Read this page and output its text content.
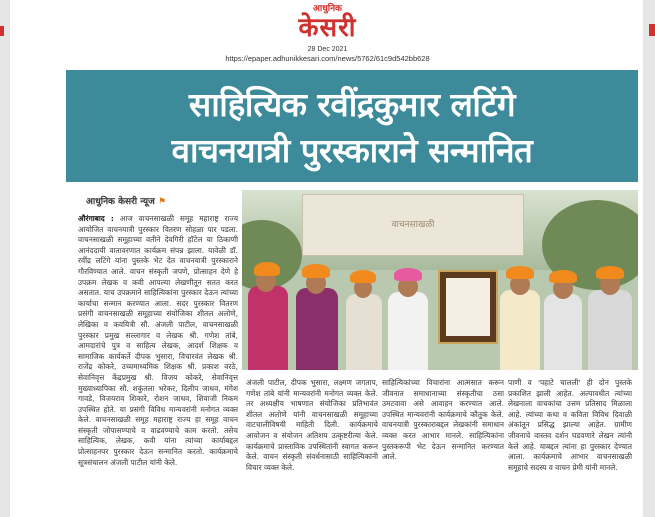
आधुनिक
केसरी
28 Dec 2021
https://epaper.adhunikkesari.com/news/5762/61c9d542bb628
साहित्यिक रवींद्रकुमार लटिंगे
वाचनयात्री पुरस्काराने सन्मानित
आधुनिक केसरी न्यूज ⚑
औरंगाबाद : आज वाचनसाखळी समूह महाराष्ट्र राज्य आयोजित वाचनयात्री पुरस्कार वितरण सोहळा पार पडला. वाचनसाखळी समूहाच्या वतीने देवगिरी हॉटेल या ठिकाणी आनंददायी वातावरणात कार्यक्रम संपन्न झाला. यावेळी डॉ. रवींद्र लटिंगे यांना पुस्तके भेट देत वाचनयात्री पुरस्काराने गौरविण्यात आले. वाचन संस्कृती जपणे, प्रोत्साहन देणे हे उपक्रम लेखक व कवी आपल्या लेखणीतून सतत करत असतात. याच उपक्रमाने साहित्यिकांना पुरस्कार देऊन त्यांच्या कार्याचा सन्मान करण्यात आला. सदर पुरस्कार वितरण प्रसंगी वाचनसाखळी समूहाच्या संयोजिका शीतल अलोणे, लेखिका व कवयित्री सौ. अंजली पाटील, वाचनसाखळी पुरस्कार प्रमुख सल्लागार व लेखक श्री. गणेश तांबे, आमदारांचे पुत्र व साहित्य लेखक, आदर्श शिक्षक व सामाजिक कार्यकर्ते दीपक भुसारा, विचारवंत लेखक श्री. राजेंद्र कोकरे, उच्चमाध्यमिक शिक्षक श्री. प्रकाश वरठे, सेवानिवृत्त केंद्रप्रमुख श्री. विजय कोकरे, सेवानिवृत्त मुख्याध्यापिका सौ. शकुंतला भरेकर, दिलीप जाधव, मंगेश गावडे, विजयराव शिकारे, रोशन जाधव, शिवाजी निकम उपस्थित होते. या प्रसंगी विविध मान्यवरांनी मनोगत व्यक्त केले. वाचनसाखळी समूह महाराष्ट्र राज्य हा समूह वाचन संस्कृती जोपासण्याचे व वाढवण्याचे काम करतो. तसेच साहित्यिक, लेखक, कवी यांना त्यांच्या कार्याबद्दल प्रोत्साहनपर पुरस्कार देऊन सन्मानित करतो. कार्यक्रमाचे सूत्रसंचालन अंजली पाटील यांनी केले.
वाचनसाखळी
अंजली पाटील, दीपक भुसारा, लक्ष्मण जगताप, गणेश तांबे यांनी मान्यवरांनी मनोगत व्यक्त केले. तर अध्यक्षीय भाषणात संयोजिका प्रतिभावंत शीतल अलोणे यांनी वाचनसाखळी समूहाच्या वाटचालीविषयी माहिती दिली. कार्यक्रमाचे आयोजन व संयोजन अतिशय उत्कृष्टरीत्या केले. कार्यक्रमाचे प्रास्ताविक उपस्थितांनी स्वागत करून केले. वाचन संस्कृती संवर्धनासाठी साहित्यिकांनी विचार व्यक्त केले.
साहित्यिकांच्या विचारांना आत्मसात करून जीवनात समाधानाच्या संस्कृतीचा ठसा उमटवावा असे आवाहन करण्यात आले. उपस्थित मान्यवरांनी कार्यक्रमाचे कौतुक केले. वाचनयात्री पुरस्काराबद्दल लेखकांनी समाधान व्यक्त करत आभार मानले. साहित्यिकांना पुस्तकरूपी भेट देऊन सन्मानित करण्यात आले.
पाणी व 'पहाटे चालली' ही दोन पुस्तके प्रकाशित झाली आहेत. अल्पावधीत त्यांच्या लेखनाला वाचकांचा उत्तम प्रतिसाद मिळाला आहे. त्यांच्या कथा व कविता विविध दिवाळी अंकांतून प्रसिद्ध झाल्या आहेत. ग्रामीण जीवनाचे वास्तव दर्शन घडवणारे लेखन त्यांनी केले आहे. याबद्दल त्यांना हा पुरस्कार देण्यात आला. कार्यक्रमाचे आभार वाचनसाखळी समूहाचे सदस्य व वाचन प्रेमी यांनी मानले.
